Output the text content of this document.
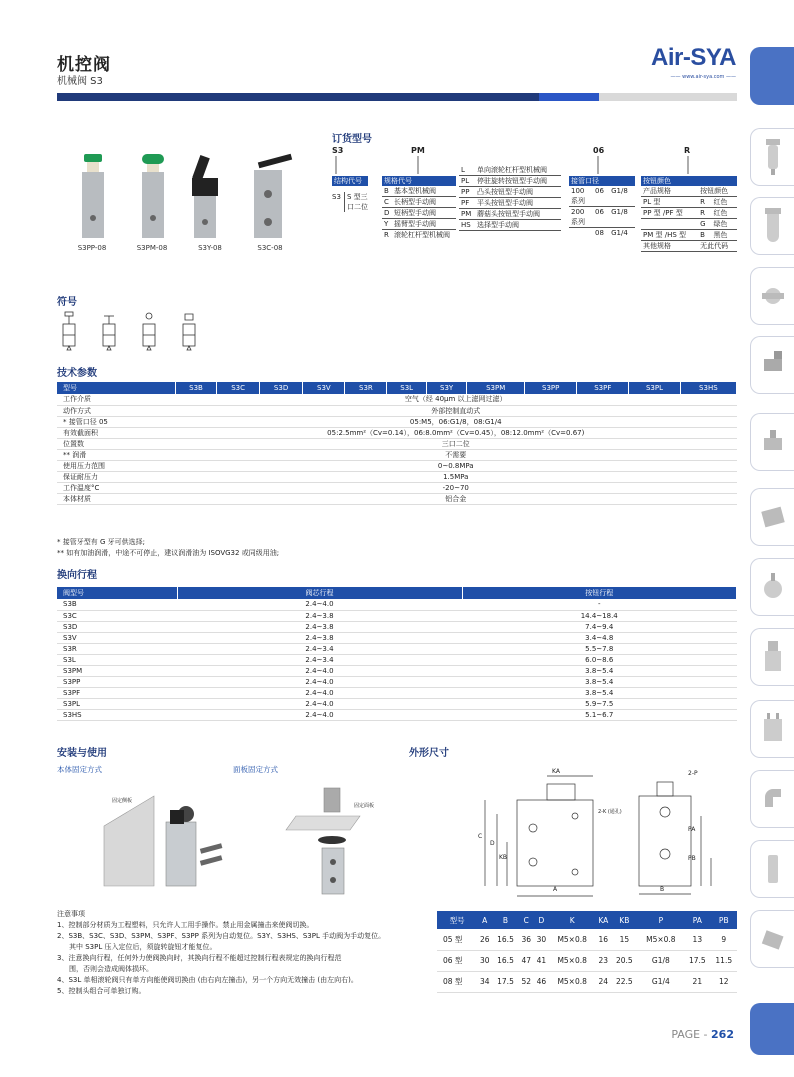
机控阀
机械阀 S3
Air-SYA
—— www.air-sya.com ——
S3PP-08	S3PM-08	S3Y-08	S3C-08
订货型号
S3	PM	06	R
结构代号
S3 S 型三口二位
规格代号
B	基本型机械阀
C	长柄型手动阀
D	短柄型手动阀
Y	摇臂型手动阀
R	滚轮杠杆型机械阀
L	单向滚轮杠杆型机械阀
PL	停驻旋转按钮型手动阀
PP	凸头按钮型手动阀
PF	平头按钮型手动阀
PM	蘑菇头按钮型手动阀
HS	选择型手动阀
接管口径
100系列	06	G1/8
200系列	06	G1/8
	08	G1/4
按钮颜色
产品规格	按钮颜色	
PL 型	R	红色
PP 型 /PF 型	R	红色
	G	绿色
PM 型 /HS 型	B	黑色
其他规格	无此代码	
符号
技术参数
型号	S3B	S3C	S3D	S3V	S3R	S3L	S3Y	S3PM	S3PP	S3PF	S3PL	S3HS
工作介质	空气（经 40μm 以上滤网过滤）											
动作方式	外部控制直动式											
* 接管口径 05	05:M5，06:G1/8，08:G1/4											
有效截面积	05:2.5mm²（Cv=0.14），06:8.0mm²（Cv=0.45），08:12.0mm²（Cv=0.67)											
位置数	三口二位											
** 润滑	不需要											
使用压力范围	0~0.8MPa											
保证耐压力	1.5MPa											
工作温度°C	-20~70											
本体材质	铝合金											
* 接管牙型有 G 牙可供选择;
** 如有加油润滑，中途不可停止，建议润滑油为 ISOVG32 或同级用油;
换向行程
阀型号	阀芯行程	按钮行程
S3B	2.4~4.0	-
S3C	2.4~3.8	14.4~18.4
S3D	2.4~3.8	7.4~9.4
S3V	2.4~3.8	3.4~4.8
S3R	2.4~3.4	5.5~7.8
S3L	2.4~3.4	6.0~8.6
S3PM	2.4~4.0	3.8~5.4
S3PP	2.4~4.0	3.8~5.4
S3PF	2.4~4.0	3.8~5.4
S3PL	2.4~4.0	5.9~7.5
S3HS	2.4~4.0	5.1~6.7
安装与使用
本体固定方式	面板固定方式
固定侧板
固定面板
外形尺寸
KA	2-P
2-K (通孔)
C
D
KB
A
PA
PB
B
注意事项
1、控制部分材质为工程塑料，只允许人工用手操作。禁止用金属撞击来使阀切换。
2、S3B、S3C、S3D、S3PM、S3PF、S3PP 系列为自动复位。S3Y、S3HS、S3PL 手动阀为手动复位。
其中 S3PL 压入定位后，须旋转旋钮才能复位。
3、注意换向行程，任何外力使阀换向时，其换向行程不能超过控制行程表规定的换向行程范
围，否则会造成阀体损坏。
4、S3L 单相滚轮阀只有单方向能使阀切换由 (由右向左撞击)，另一个方向无效撞击 (由左向右)。
5、控制头组合可单独订购。
型号	A	B	C	D	K	KA	KB	P	PA	PB
05 型	26	16.5	36	30	M5×0.8	16	15	M5×0.8	13	9
06 型	30	16.5	47	41	M5×0.8	23	20.5	G1/8	17.5	11.5
08 型	34	17.5	52	46	M5×0.8	24	22.5	G1/4	21	12
PAGE - 262
